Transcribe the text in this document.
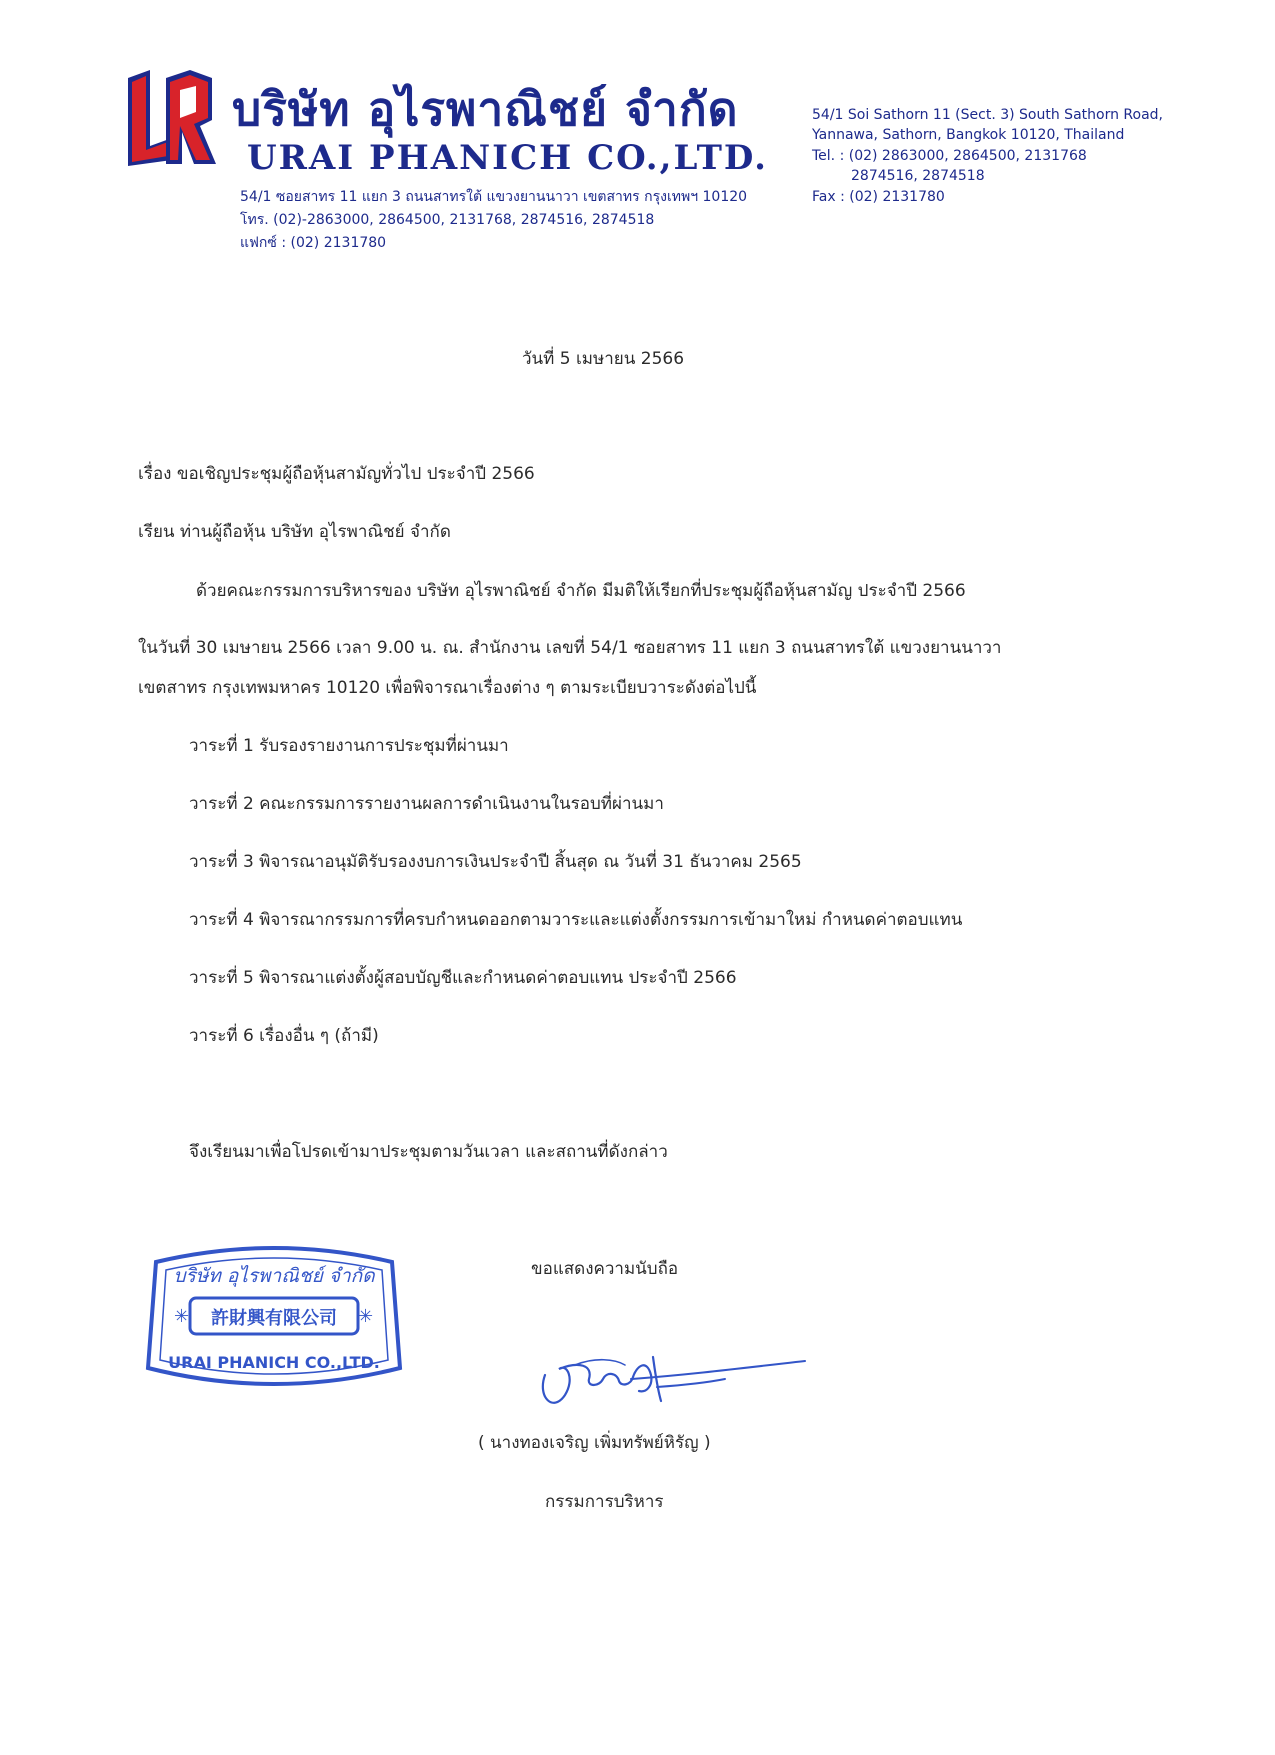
บริษัท อุไรพาณิชย์ จำกัด
URAI PHANICH CO.,LTD.
54/1 ซอยสาทร 11 แยก 3 ถนนสาทรใต้ แขวงยานนาวา เขตสาทร กรุงเทพฯ 10120
โทร. (02)-2863000, 2864500, 2131768, 2874516, 2874518
แฟกซ์ : (02) 2131780
54/1 Soi Sathorn 11 (Sect. 3) South Sathorn Road,
Yannawa, Sathorn, Bangkok 10120, Thailand
Tel. : (02) 2863000, 2864500, 2131768
2874516, 2874518
Fax : (02) 2131780
วันที่ 5 เมษายน 2566
เรื่อง ขอเชิญประชุมผู้ถือหุ้นสามัญทั่วไป ประจำปี 2566
เรียน ท่านผู้ถือหุ้น บริษัท อุไรพาณิชย์ จำกัด
ด้วยคณะกรรมการบริหารของ บริษัท อุไรพาณิชย์ จำกัด มีมติให้เรียกที่ประชุมผู้ถือหุ้นสามัญ ประจำปี 2566
ในวันที่ 30 เมษายน 2566 เวลา 9.00 น. ณ. สำนักงาน เลขที่ 54/1 ซอยสาทร 11 แยก 3 ถนนสาทรใต้ แขวงยานนาวา
เขตสาทร กรุงเทพมหาคร 10120 เพื่อพิจารณาเรื่องต่าง ๆ ตามระเบียบวาระดังต่อไปนี้
วาระที่ 1 รับรองรายงานการประชุมที่ผ่านมา
วาระที่ 2 คณะกรรมการรายงานผลการดำเนินงานในรอบที่ผ่านมา
วาระที่ 3 พิจารณาอนุมัติรับรองงบการเงินประจำปี สิ้นสุด ณ วันที่ 31 ธันวาคม 2565
วาระที่ 4 พิจารณากรรมการที่ครบกำหนดออกตามวาระและแต่งตั้งกรรมการเข้ามาใหม่ กำหนดค่าตอบแทน
วาระที่ 5 พิจารณาแต่งตั้งผู้สอบบัญชีและกำหนดค่าตอบแทน ประจำปี 2566
วาระที่ 6 เรื่องอื่น ๆ (ถ้ามี)
จึงเรียนมาเพื่อโปรดเข้ามาประชุมตามวันเวลา และสถานที่ดังกล่าว
ขอแสดงความนับถือ
✳	✳
บริษัท อุไรพาณิชย์ จำกัด
許財興有限公司
URAI PHANICH CO.,LTD.
( นางทองเจริญ เพิ่มทรัพย์หิรัญ )
กรรมการบริหาร
